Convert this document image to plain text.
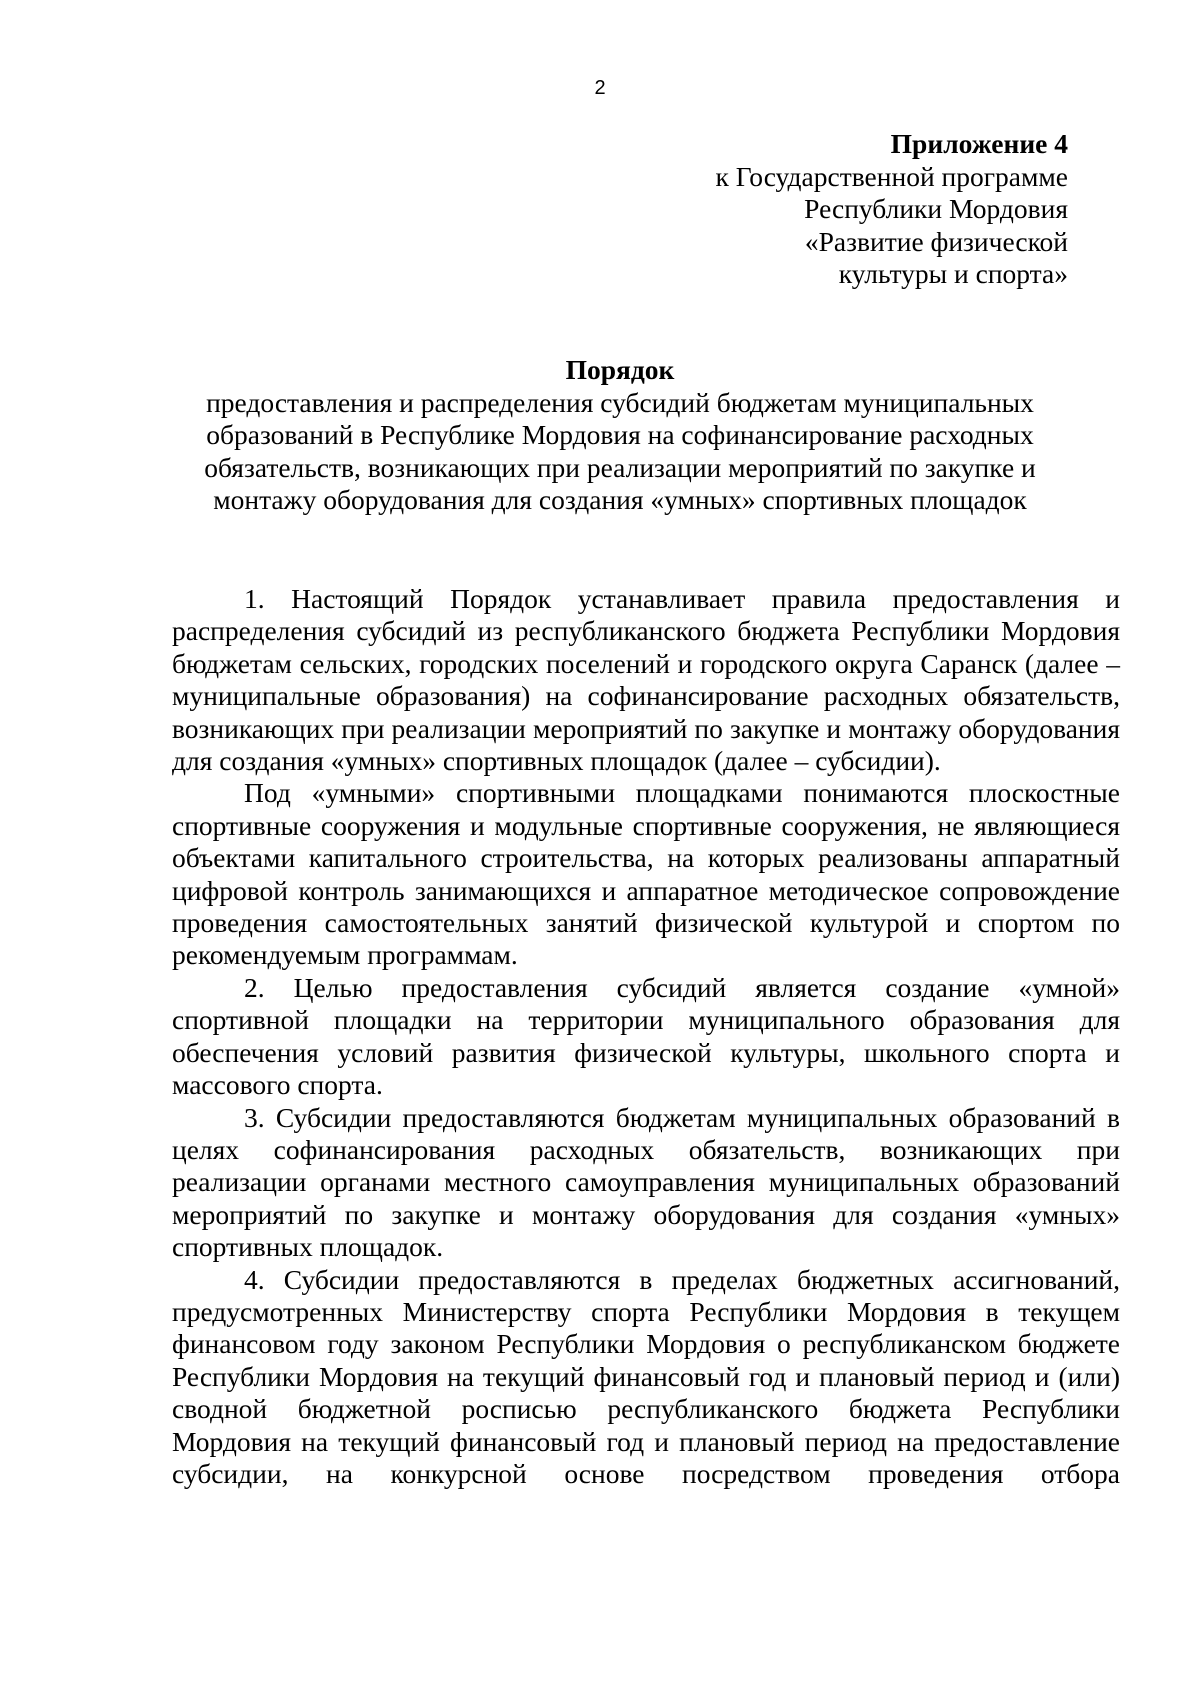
2
Приложение 4
к Государственной программе
Республики Мордовия
«Развитие физической
культуры и спорта»
Порядок
предоставления и распределения субсидий бюджетам муниципальных
образований в Республике Мордовия на софинансирование расходных
обязательств, возникающих при реализации мероприятий по закупке и
монтажу оборудования для создания «умных» спортивных площадок

1. Настоящий Порядок устанавливает правила предоставления и распределения субсидий из республиканского бюджета Республики Мордовия бюджетам сельских, городских поселений и городского округа Саранск (далее – муниципальные образования) на софинансирование расходных обязательств, возникающих при реализации мероприятий по закупке и монтажу оборудования для создания «умных» спортивных площадок (далее – субсидии).

Под «умными» спортивными площадками понимаются плоскостные спортивные сооружения и модульные спортивные сооружения, не являющиеся объектами капитального строительства, на которых реализованы аппаратный цифровой контроль занимающихся и аппаратное методическое сопровождение проведения самостоятельных занятий физической культурой и спортом по рекомендуемым программам.

2. Целью предоставления субсидий является создание «умной» спортивной площадки на территории муниципального образования для обеспечения условий развития физической культуры, школьного спорта и массового спорта.

3. Субсидии предоставляются бюджетам муниципальных образований в целях софинансирования расходных обязательств, возникающих при реализации органами местного самоуправления муниципальных образований мероприятий по закупке и монтажу оборудования для создания «умных» спортивных площадок.

4. Субсидии предоставляются в пределах бюджетных ассигнований, предусмотренных Министерству спорта Республики Мордовия в текущем финансовом году законом Республики Мордовия о республиканском бюджете Республики Мордовия на текущий финансовый год и плановый период и (или) сводной бюджетной росписью республиканского бюджета Республики Мордовия на текущий финансовый год и плановый период на предоставление субсидии, на конкурсной основе посредством проведения отбора
